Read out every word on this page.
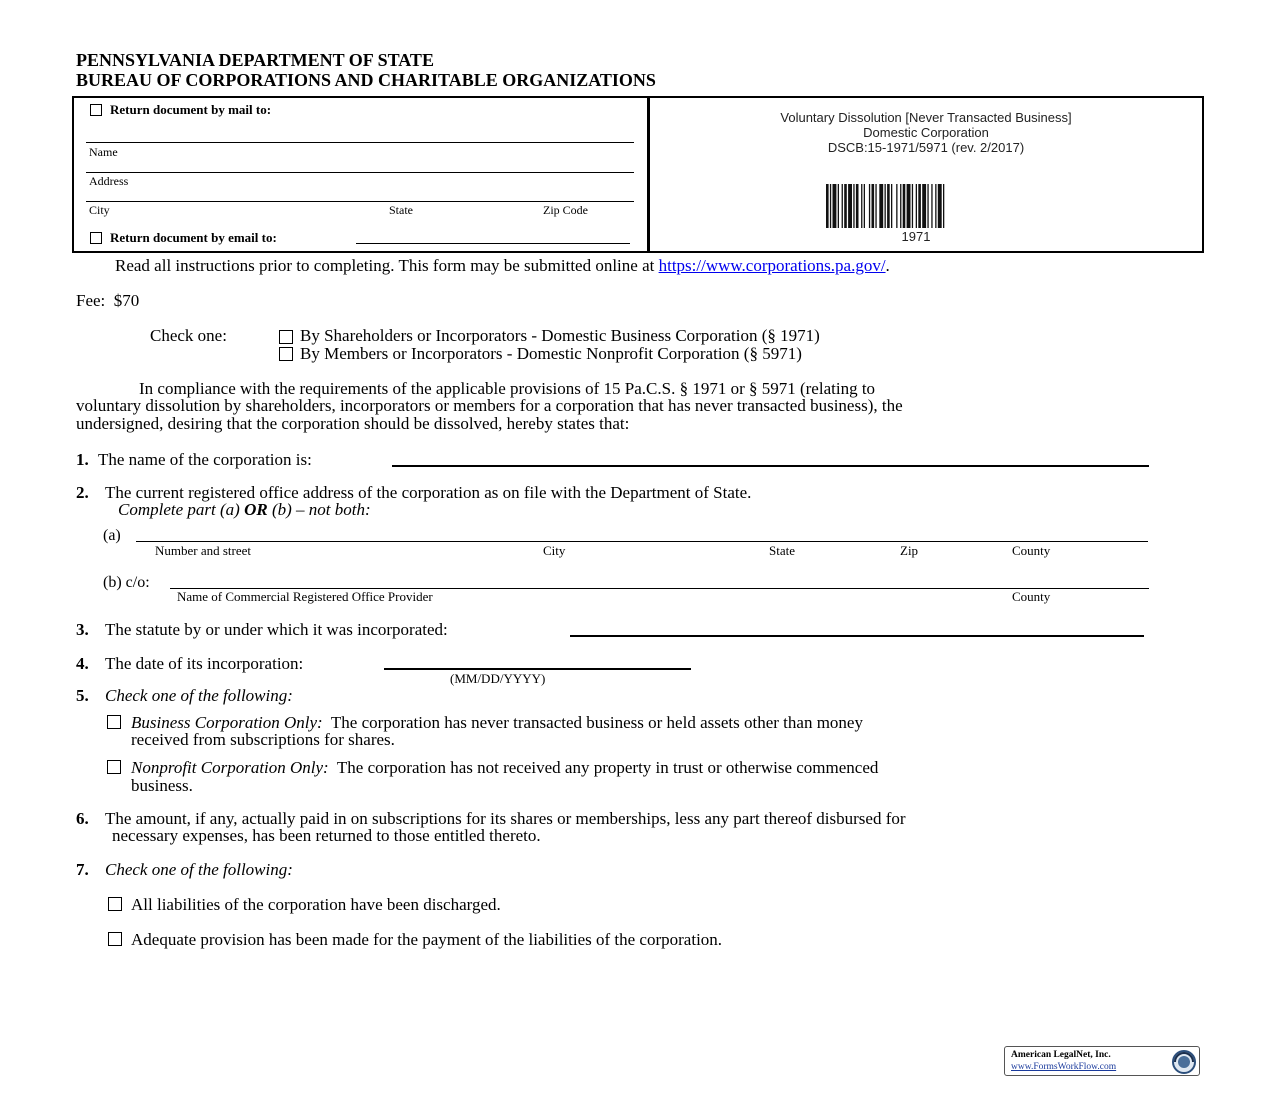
PENNSYLVANIA DEPARTMENT OF STATE
BUREAU OF CORPORATIONS AND CHARITABLE ORGANIZATIONS
Return document by mail to:
Name
Address
City	State	Zip Code
Return document by email to:
Voluntary Dissolution [Never Transacted Business]
Domestic Corporation
DSCB:15-1971/5971 (rev. 2/2017)
1971
Read all instructions prior to completing. This form may be submitted online at https://www.corporations.pa.gov/.
Fee:  $70
Check one:	By Shareholders or Incorporators - Domestic Business Corporation (§ 1971)
By Members or Incorporators - Domestic Nonprofit Corporation (§ 5971)
In compliance with the requirements of the applicable provisions of 15 Pa.C.S. § 1971 or § 5971 (relating to
voluntary dissolution by shareholders, incorporators or members for a corporation that has never transacted business), the
undersigned, desiring that the corporation should be dissolved, hereby states that:
1. The name of the corporation is:
2. The current registered office address of the corporation as on file with the Department of State.
Complete part (a) OR (b) – not both:
(a)
Number and street	City	State	Zip	County
(b) c/o:
Name of Commercial Registered Office Provider	County
3. The statute by or under which it was incorporated:
4. The date of its incorporation:
(MM/DD/YYYY)
5. Check one of the following:
Business Corporation Only:  The corporation has never transacted business or held assets other than money
received from subscriptions for shares.
Nonprofit Corporation Only:  The corporation has not received any property in trust or otherwise commenced
business.
6. The amount, if any, actually paid in on subscriptions for its shares or memberships, less any part thereof disbursed for
necessary expenses, has been returned to those entitled thereto.
7. Check one of the following:
All liabilities of the corporation have been discharged.
Adequate provision has been made for the payment of the liabilities of the corporation.
American LegalNet, Inc.
www.FormsWorkFlow.com
